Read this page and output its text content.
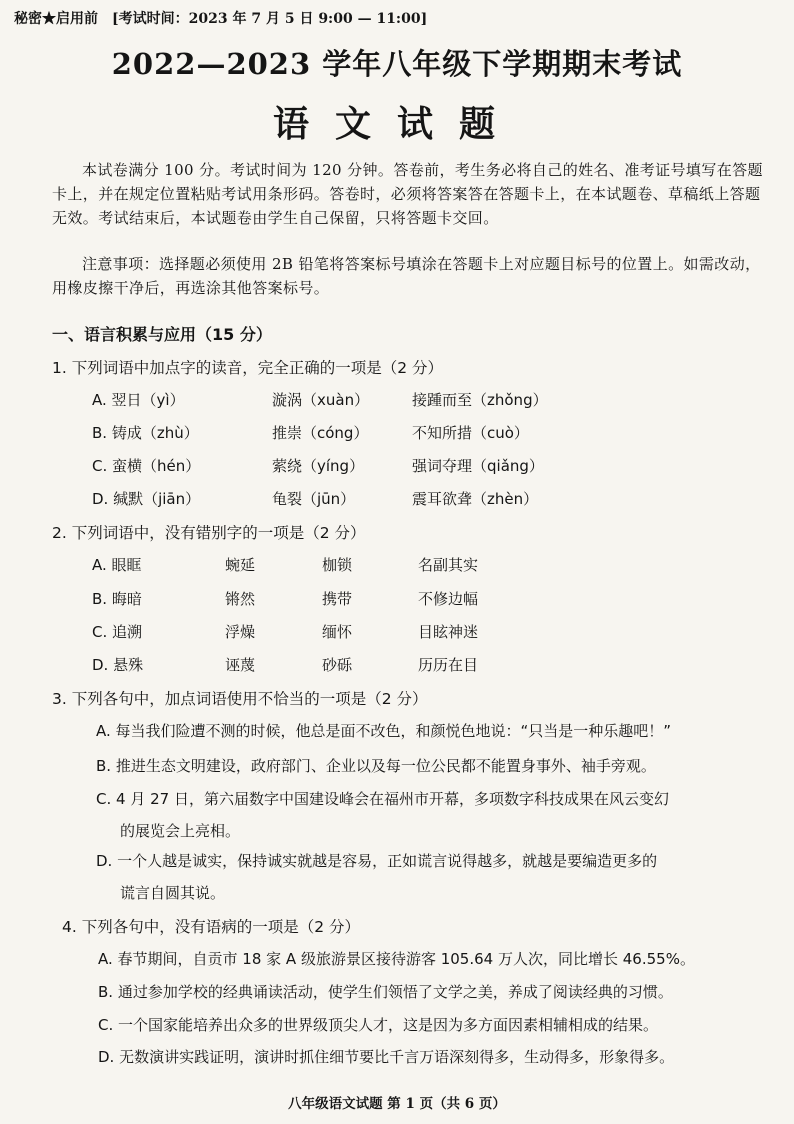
秘密★启用前 [考试时间：2023 年 7 月 5 日 9:00 — 11:00]
2022—2023 学年八年级下学期期末考试
语文试题
本试卷满分 100 分。考试时间为 120 分钟。答卷前，考生务必将自己的姓名、准考证号填写在答题卡上，并在规定位置粘贴考试用条形码。答卷时，必须将答案答在答题卡上，在本试题卷、草稿纸上答题无效。考试结束后，本试题卷由学生自己保留，只将答题卡交回。
注意事项：选择题必须使用 2B 铅笔将答案标号填涂在答题卡上对应题目标号的位置上。如需改动，用橡皮擦干净后，再选涂其他答案标号。
一、语言积累与应用（15 分）
1. 下列词语中加点字的读音，完全正确的一项是（2 分）
A. 翌日（yì）	漩涡（xuàn）	接踵而至（zhǒng）
B. 铸成（zhù）	推崇（cóng）	不知所措（cuò）
C. 蛮横（hén）	萦绕（yíng）	强词夺理（qiǎng）
D. 缄默（jiān）	龟裂（jūn）	震耳欲聋（zhèn）
2. 下列词语中，没有错别字的一项是（2 分）
A. 眼眶	蜿延	枷锁	名副其实
B. 晦暗	锵然	携带	不修边幅
C. 追溯	浮燥	缅怀	目眩神迷
D. 悬殊	诬蔑	砂砾	历历在目
3. 下列各句中，加点词语使用不恰当的一项是（2 分）
A. 每当我们险遭不测的时候，他总是面不改色，和颜悦色地说：“只当是一种乐趣吧！”
B. 推进生态文明建设，政府部门、企业以及每一位公民都不能置身事外、袖手旁观。
C. 4 月 27 日，第六届数字中国建设峰会在福州市开幕，多项数字科技成果在风云变幻
的展览会上亮相。
D. 一个人越是诚实，保持诚实就越是容易，正如谎言说得越多，就越是要编造更多的
谎言自圆其说。
4. 下列各句中，没有语病的一项是（2 分）
A. 春节期间，自贡市 18 家 A 级旅游景区接待游客 105.64 万人次，同比增长 46.55%。
B. 通过参加学校的经典诵读活动，使学生们领悟了文学之美，养成了阅读经典的习惯。
C. 一个国家能培养出众多的世界级顶尖人才，这是因为多方面因素相辅相成的结果。
D. 无数演讲实践证明，演讲时抓住细节要比千言万语深刻得多，生动得多，形象得多。
八年级语文试题 第 1 页（共 6 页）
